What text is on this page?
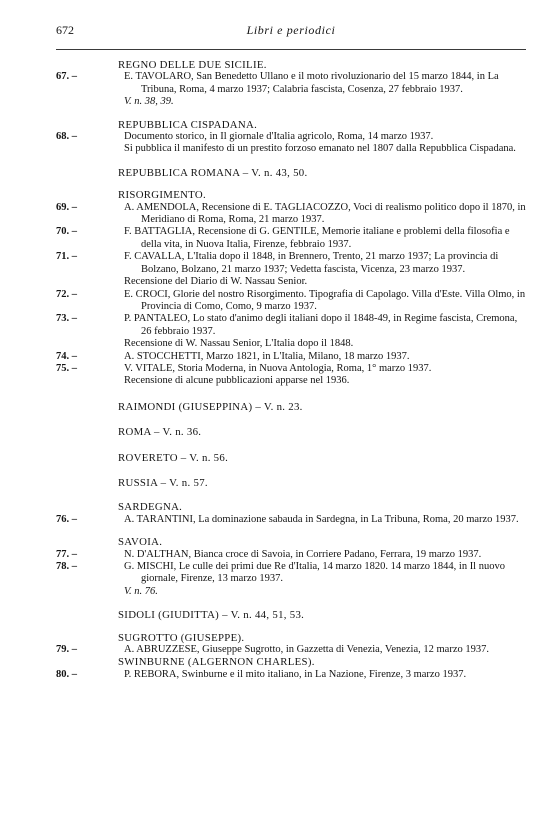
672	Libri e periodici
REGNO DELLE DUE SICILIE.
67. –	E. TAVOLARO, San Benedetto Ullano e il moto rivoluzionario del 15 marzo 1844, in La Tribuna, Roma, 4 marzo 1937; Calabria fascista, Cosenza, 27 febbraio 1937.
V. n. 38, 39.
REPUBBLICA CISPADANA.
68. –	Documento storico, in Il giornale d'Italia agricolo, Roma, 14 marzo 1937.
Si pubblica il manifesto di un prestito forzoso emanato nel 1807 dalla Repubblica Cispadana.
REPUBBLICA ROMANA – V. n. 43, 50.
RISORGIMENTO.
69. –	A. AMENDOLA, Recensione di E. TAGLIACOZZO, Voci di realismo politico dopo il 1870, in Meridiano di Roma, Roma, 21 marzo 1937.
70. –	F. BATTAGLIA, Recensione di G. GENTILE, Memorie italiane e problemi della filosofia e della vita, in Nuova Italia, Firenze, febbraio 1937.
71. –	F. CAVALLA, L'Italia dopo il 1848, in Brennero, Trento, 21 marzo 1937; La provincia di Bolzano, Bolzano, 21 marzo 1937; Vedetta fascista, Vicenza, 23 marzo 1937.
Recensione del Diario di W. Nassau Senior.
72. –	E. CROCI, Glorie del nostro Risorgimento. Tipografia di Capolago. Villa d'Este. Villa Olmo, in Provincia di Como, Como, 9 marzo 1937.
73. –	P. PANTALEO, Lo stato d'animo degli italiani dopo il 1848-49, in Regime fascista, Cremona, 26 febbraio 1937.
Recensione di W. Nassau Senior, L'Italia dopo il 1848.
74. –	A. STOCCHETTI, Marzo 1821, in L'Italia, Milano, 18 marzo 1937.
75. –	V. VITALE, Storia Moderna, in Nuova Antologia, Roma, 1° marzo 1937.
Recensione di alcune pubblicazioni apparse nel 1936.
RAIMONDI (GIUSEPPINA) – V. n. 23.
ROMA – V. n. 36.
ROVERETO – V. n. 56.
RUSSIA – V. n. 57.
SARDEGNA.
76. –	A. TARANTINI, La dominazione sabauda in Sardegna, in La Tribuna, Roma, 20 marzo 1937.
SAVOIA.
77. –	N. D'ALTHAN, Bianca croce di Savoia, in Corriere Padano, Ferrara, 19 marzo 1937.
78. –	G. MISCHI, Le culle dei primi due Re d'Italia, 14 marzo 1820. 14 marzo 1844, in Il nuovo giornale, Firenze, 13 marzo 1937.
V. n. 76.
SIDOLI (GIUDITTA) – V. n. 44, 51, 53.
SUGROTTO (GIUSEPPE).
79. –	A. ABRUZZESE, Giuseppe Sugrotto, in Gazzetta di Venezia, Venezia, 12 marzo 1937.
SWINBURNE (ALGERNON CHARLES).
80. –	P. REBORA, Swinburne e il mito italiano, in La Nazione, Firenze, 3 marzo 1937.
